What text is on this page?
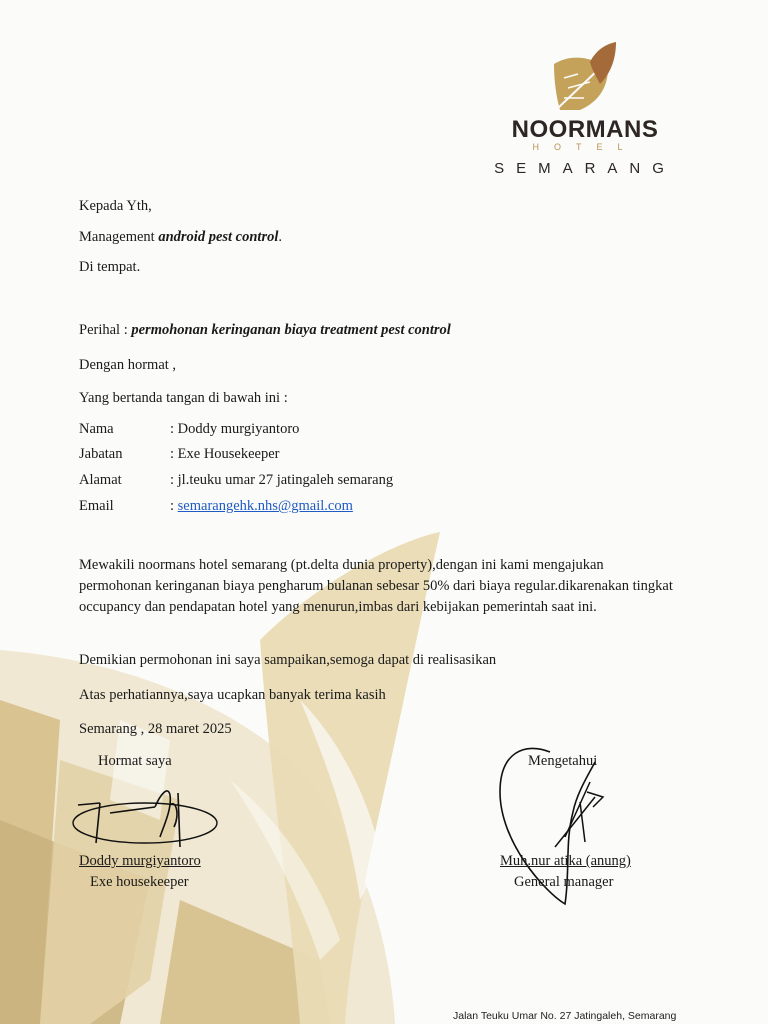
NOORMANS
HOTEL
SEMARANG
Kepada Yth,
Management android pest control.
Di tempat.
Perihal : permohonan keringanan biaya treatment pest control
Dengan hormat ,
Yang bertanda tangan di bawah ini :
Nama	: Doddy murgiyantoro
Jabatan	: Exe Housekeeper
Alamat	: jl.teuku umar 27 jatingaleh semarang
Email	: semarangehk.nhs@gmail.com
Mewakili noormans hotel semarang (pt.delta dunia property),dengan ini kami mengajukan permohonan keringanan biaya pengharum bulanan sebesar 50% dari biaya regular.dikarenakan tingkat occupancy dan pendapatan hotel yang menurun,imbas dari kebijakan pemerintah saat ini.
Demikian permohonan ini saya sampaikan,semoga dapat di realisasikan
Atas perhatiannya,saya ucapkan banyak terima kasih
Semarang , 28 maret 2025
Hormat saya
Doddy murgiyantoro
Exe housekeeper
Mengetahui
Muh.nur atika (anung)
General manager
Jalan Teuku Umar No. 27 Jatingaleh, Semarang
